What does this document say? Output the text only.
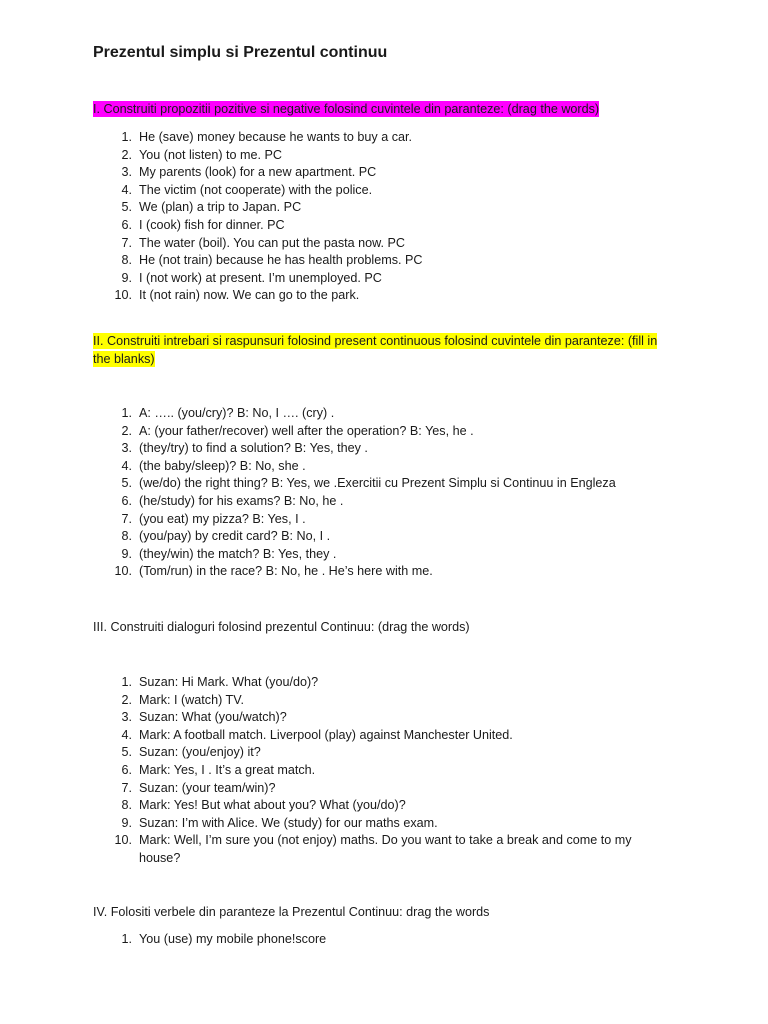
Prezentul simplu si Prezentul continuu
I. Construiti propozitii pozitive si negative folosind cuvintele din paranteze: (drag the words)
1. He (save) money because he wants to buy a car.
2. You (not listen) to me. PC
3. My parents (look) for a new apartment. PC
4. The victim (not cooperate) with the police.
5. We (plan) a trip to Japan. PC
6. I (cook) fish for dinner. PC
7. The water (boil). You can put the pasta now. PC
8. He (not train) because he has health problems. PC
9. I (not work) at present. I’m unemployed. PC
10. It (not rain) now. We can go to the park.
II. Construiti intrebari si raspunsuri folosind present continuous folosind cuvintele din paranteze: (fill in the blanks)
1. A: ….. (you/cry)? B: No, I …. (cry) .
2. A: (your father/recover) well after the operation? B: Yes, he .
3. (they/try) to find a solution? B: Yes, they .
4. (the baby/sleep)? B: No, she .
5. (we/do) the right thing? B: Yes, we .Exercitii cu Prezent Simplu si Continuu in Engleza
6. (he/study) for his exams? B: No, he .
7. (you eat) my pizza? B: Yes, I .
8. (you/pay) by credit card? B: No, I .
9. (they/win) the match? B: Yes, they .
10. (Tom/run) in the race? B: No, he . He’s here with me.
III. Construiti dialoguri folosind prezentul Continuu: (drag the words)
1. Suzan: Hi Mark. What (you/do)?
2. Mark: I (watch) TV.
3. Suzan: What (you/watch)?
4. Mark: A football match. Liverpool (play) against Manchester United.
5. Suzan: (you/enjoy) it?
6. Mark: Yes, I . It’s a great match.
7. Suzan: (your team/win)?
8. Mark: Yes! But what about you? What (you/do)?
9. Suzan: I’m with Alice. We (study) for our maths exam.
10. Mark: Well, I’m sure you (not enjoy) maths. Do you want to take a break and come to my house?
IV. Folositi verbele din paranteze la Prezentul Continuu: drag the words
1. You (use) my mobile phone!score
